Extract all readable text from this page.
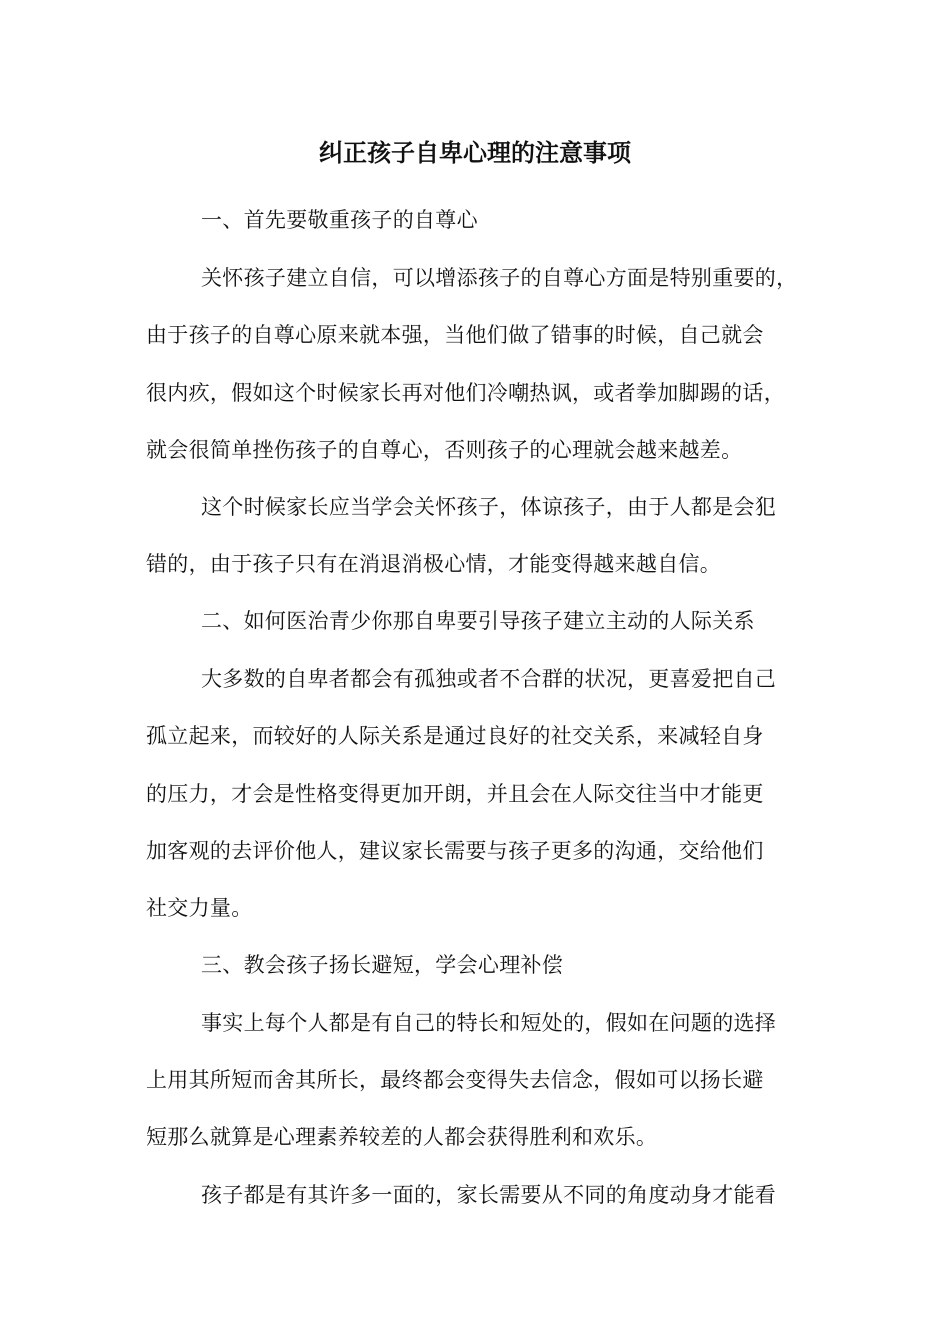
纠正孩子自卑心理的注意事项
一、首先要敬重孩子的自尊心
关怀孩子建立自信，可以增添孩子的自尊心方面是特别重要的，
由于孩子的自尊心原来就本强，当他们做了错事的时候，自己就会
很内疚，假如这个时候家长再对他们冷嘲热讽，或者拳加脚踢的话，
就会很简单挫伤孩子的自尊心，否则孩子的心理就会越来越差。
这个时候家长应当学会关怀孩子，体谅孩子，由于人都是会犯
错的，由于孩子只有在消退消极心情，才能变得越来越自信。
二、如何医治青少你那自卑要引导孩子建立主动的人际关系
大多数的自卑者都会有孤独或者不合群的状况，更喜爱把自己
孤立起来，而较好的人际关系是通过良好的社交关系，来减轻自身
的压力，才会是性格变得更加开朗，并且会在人际交往当中才能更
加客观的去评价他人，建议家长需要与孩子更多的沟通，交给他们
社交力量。
三、教会孩子扬长避短，学会心理补偿
事实上每个人都是有自己的特长和短处的，假如在问题的选择
上用其所短而舍其所长，最终都会变得失去信念，假如可以扬长避
短那么就算是心理素养较差的人都会获得胜利和欢乐。
孩子都是有其许多一面的，家长需要从不同的角度动身才能看
